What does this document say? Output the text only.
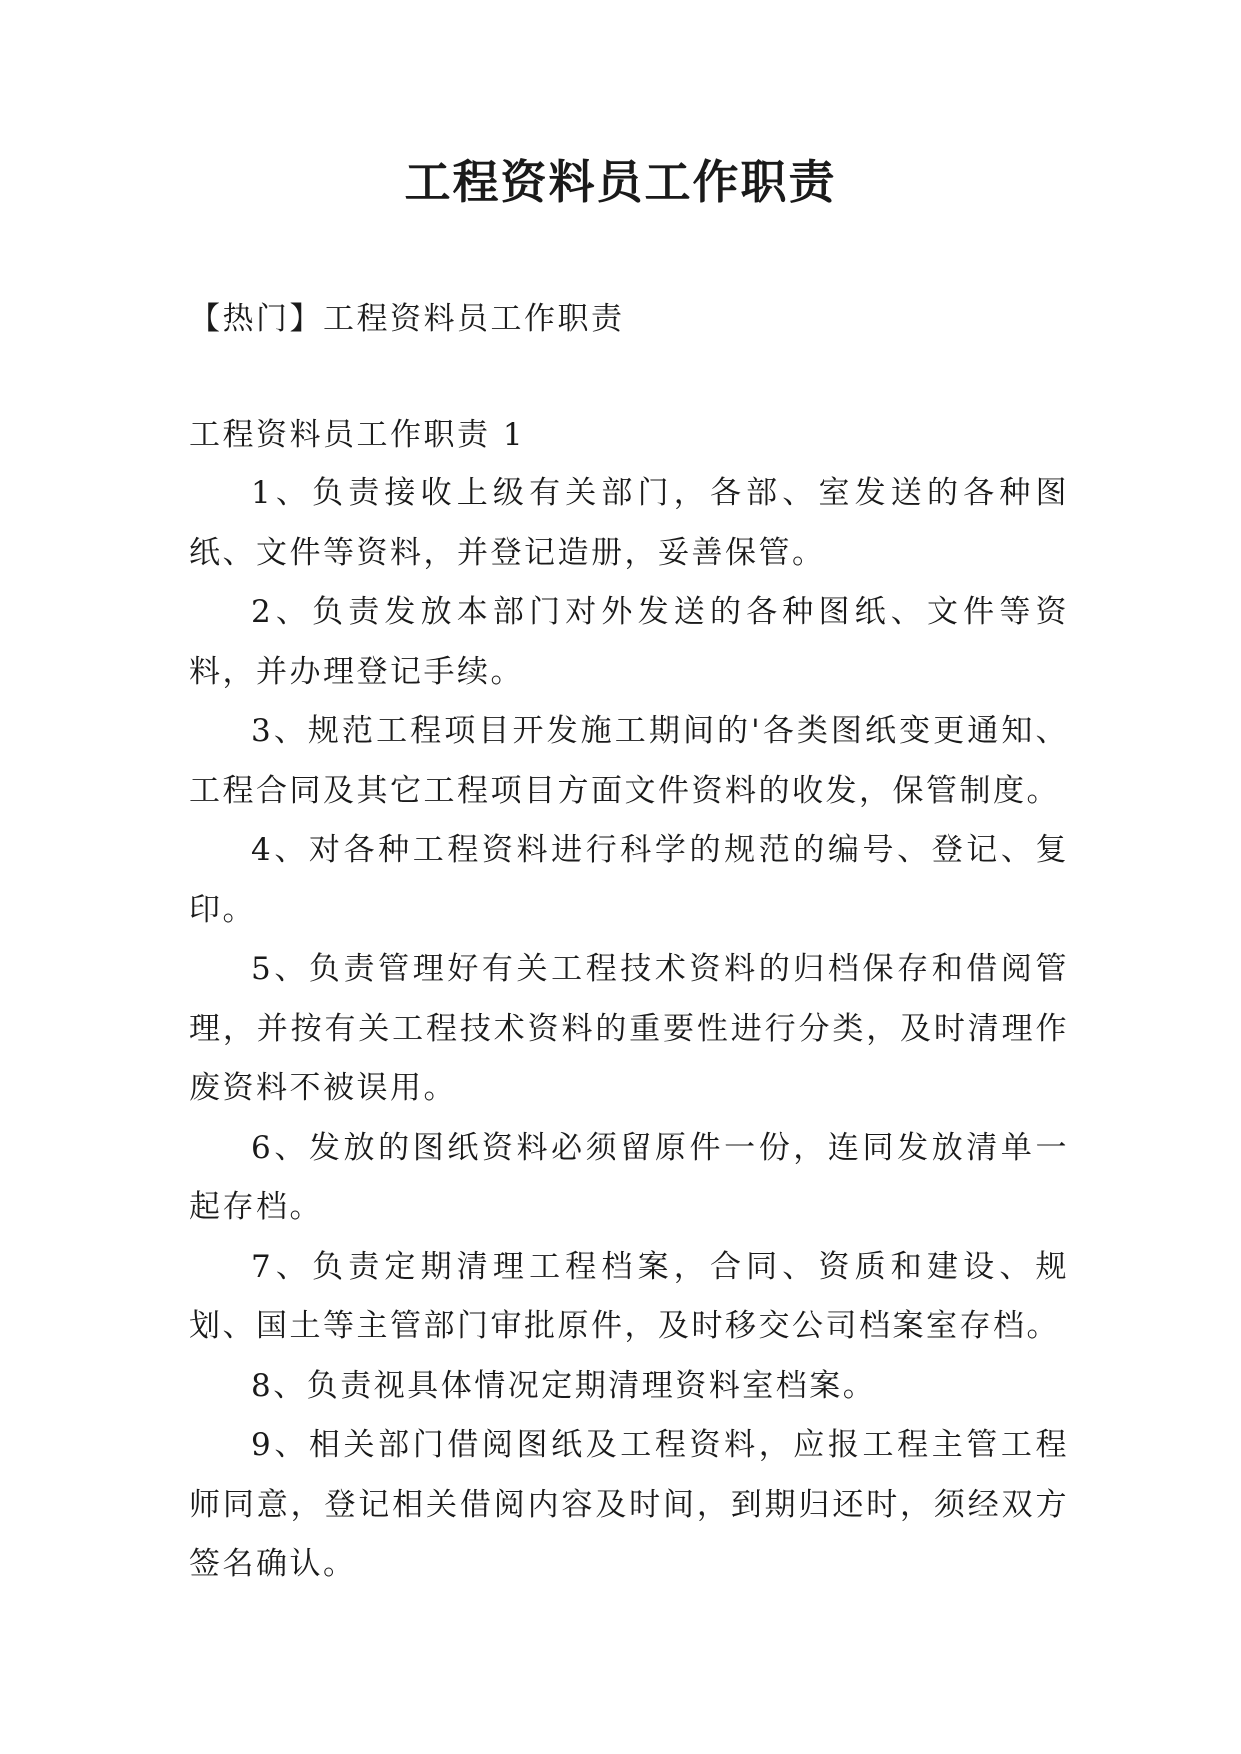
工程资料员工作职责

【热门】工程资料员工作职责

工程资料员工作职责 1

1、负责接收上级有关部门，各部、室发送的各种图纸、文件等资料，并登记造册，妥善保管。
2、负责发放本部门对外发送的各种图纸、文件等资料，并办理登记手续。
3、规范工程项目开发施工期间的'各类图纸变更通知、工程合同及其它工程项目方面文件资料的收发，保管制度。
4、对各种工程资料进行科学的规范的编号、登记、复印。
5、负责管理好有关工程技术资料的归档保存和借阅管理，并按有关工程技术资料的重要性进行分类，及时清理作废资料不被误用。
6、发放的图纸资料必须留原件一份，连同发放清单一起存档。
7、负责定期清理工程档案，合同、资质和建设、规划、国土等主管部门审批原件，及时移交公司档案室存档。
8、负责视具体情况定期清理资料室档案。
9、相关部门借阅图纸及工程资料，应报工程主管工程师同意，登记相关借阅内容及时间，到期归还时，须经双方签名确认。
